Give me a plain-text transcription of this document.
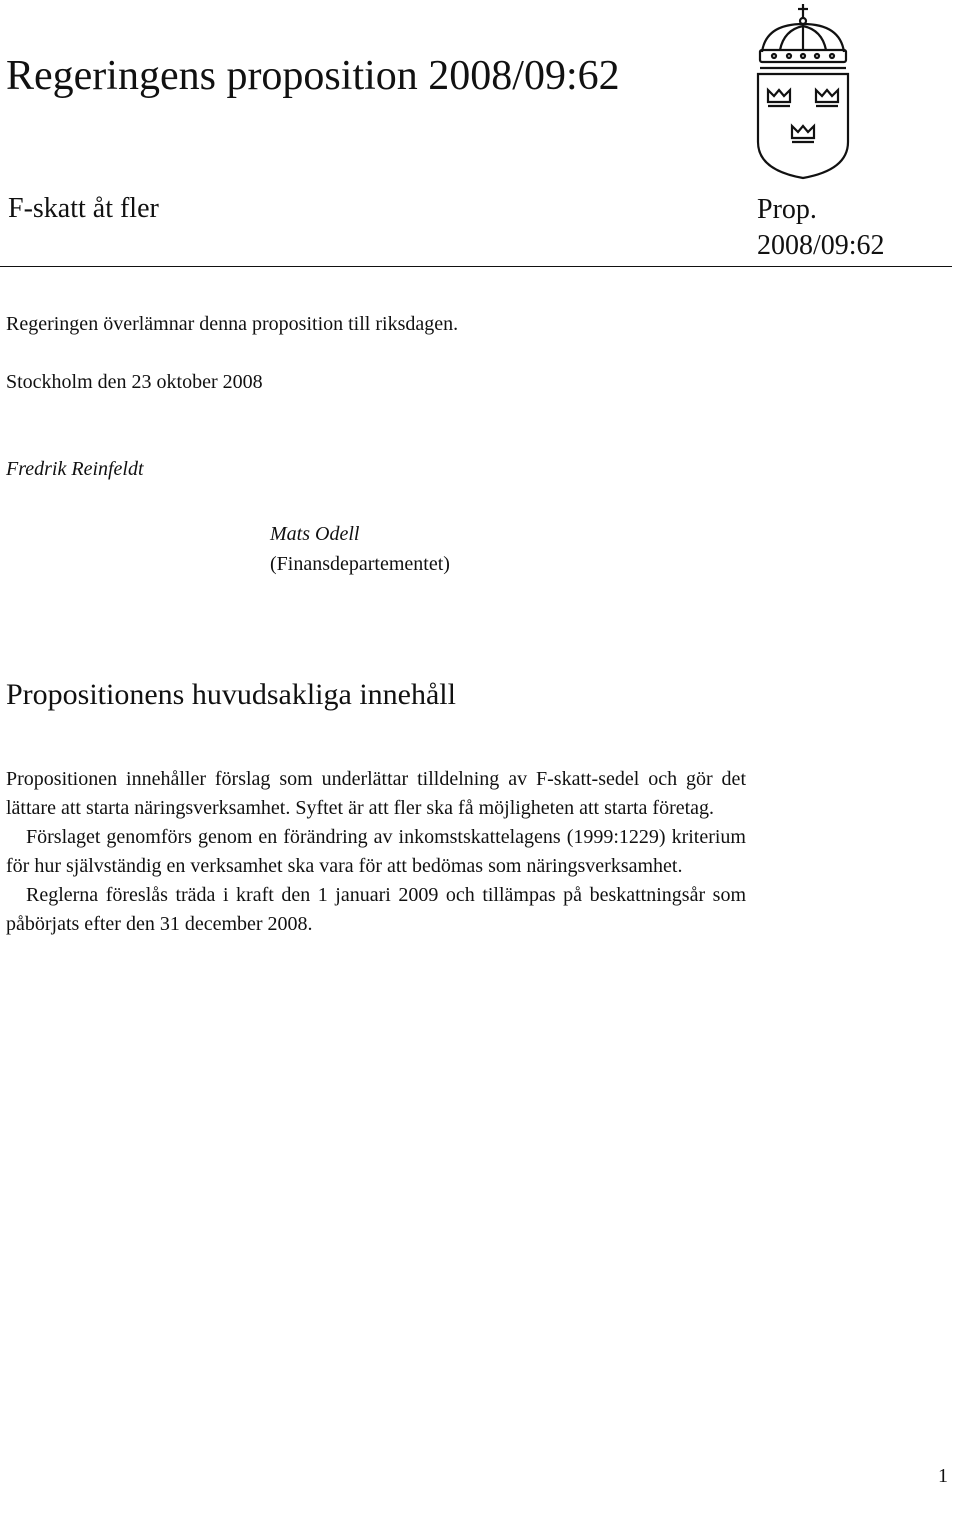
Regeringens proposition 2008/09:62
F-skatt åt fler	Prop. 2008/09:62
Regeringen överlämnar denna proposition till riksdagen.
Stockholm den 23 oktober 2008
Fredrik Reinfeldt
Mats Odell
(Finansdepartementet)
Propositionens huvudsakliga innehåll

Propositionen innehåller förslag som underlättar tilldelning av F-skatt-sedel och gör det lättare att starta näringsverksamhet. Syftet är att fler ska få möjligheten att starta företag.

Förslaget genomförs genom en förändring av inkomstskattelagens (1999:1229) kriterium för hur självständig en verksamhet ska vara för att bedömas som näringsverksamhet.

Reglerna föreslås träda i kraft den 1 januari 2009 och tillämpas på beskattningsår som påbörjats efter den 31 december 2008.

1
